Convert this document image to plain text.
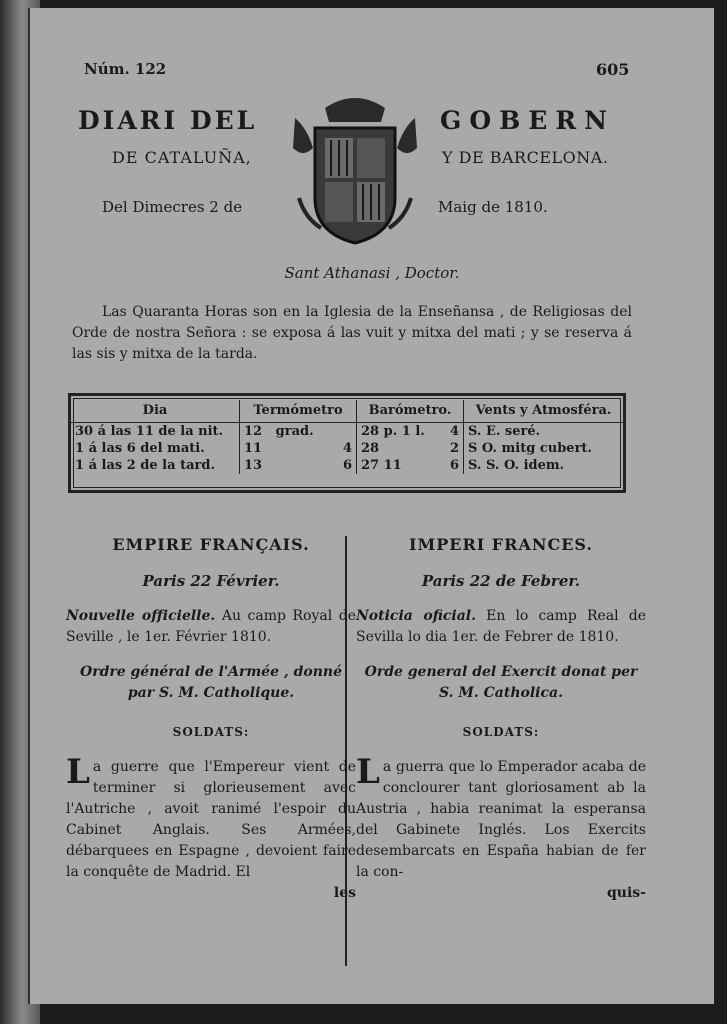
Núm. 122	605
DIARI DEL	GOBERN
DE CATALUÑA,	Y DE BARCELONA.
Del Dimecres 2 de	Maig de 1810.
Sant Athanasi , Doctor.
Las Quaranta Horas son en la Iglesia de la Enseñansa , de Religiosas del Orde de nostra Señora : se exposa á las vuit y mitxa del mati ; y se reserva á las sis y mitxa de la tarda.
Dia	Termómetro	Barómetro.	Vents y Atmosféra.
30 á las 11 de la nit.	12 grad.	28 p. 1 l. 4	S. E. seré.
1 á las 6 del mati.	11 4	28 2	S O. mitg cubert.
1 á las 2 de la tard.	13 6	27 11 6	S. S. O. idem.
EMPIRE FRANÇAIS.
Paris 22 Février.
Nouvelle officielle. Au camp Royal de Seville , le 1er. Février 1810.
Ordre général de l'Armée , donné par S. M. Catholique.
SOLDATS:
La guerre que l'Empereur vient de terminer si glorieusement avec l'Autriche , avoit ranimé l'espoir du Cabinet Anglais. Ses Armées, débarquees en Espagne , devoient faire la conquête de Madrid. El
les
IMPERI FRANCES.
Paris 22 de Febrer.
Noticia oficial. En lo camp Real de Sevilla lo dia 1er. de Febrer de 1810.
Orde general del Exercit donat per S. M. Catholica.
SOLDATS:
La guerra que lo Emperador acaba de conclourer tant gloriosament ab la Austria , habia reanimat la esperansa del Gabinete Inglés. Los Exercits desembarcats en España habian de fer la con-
quis-
